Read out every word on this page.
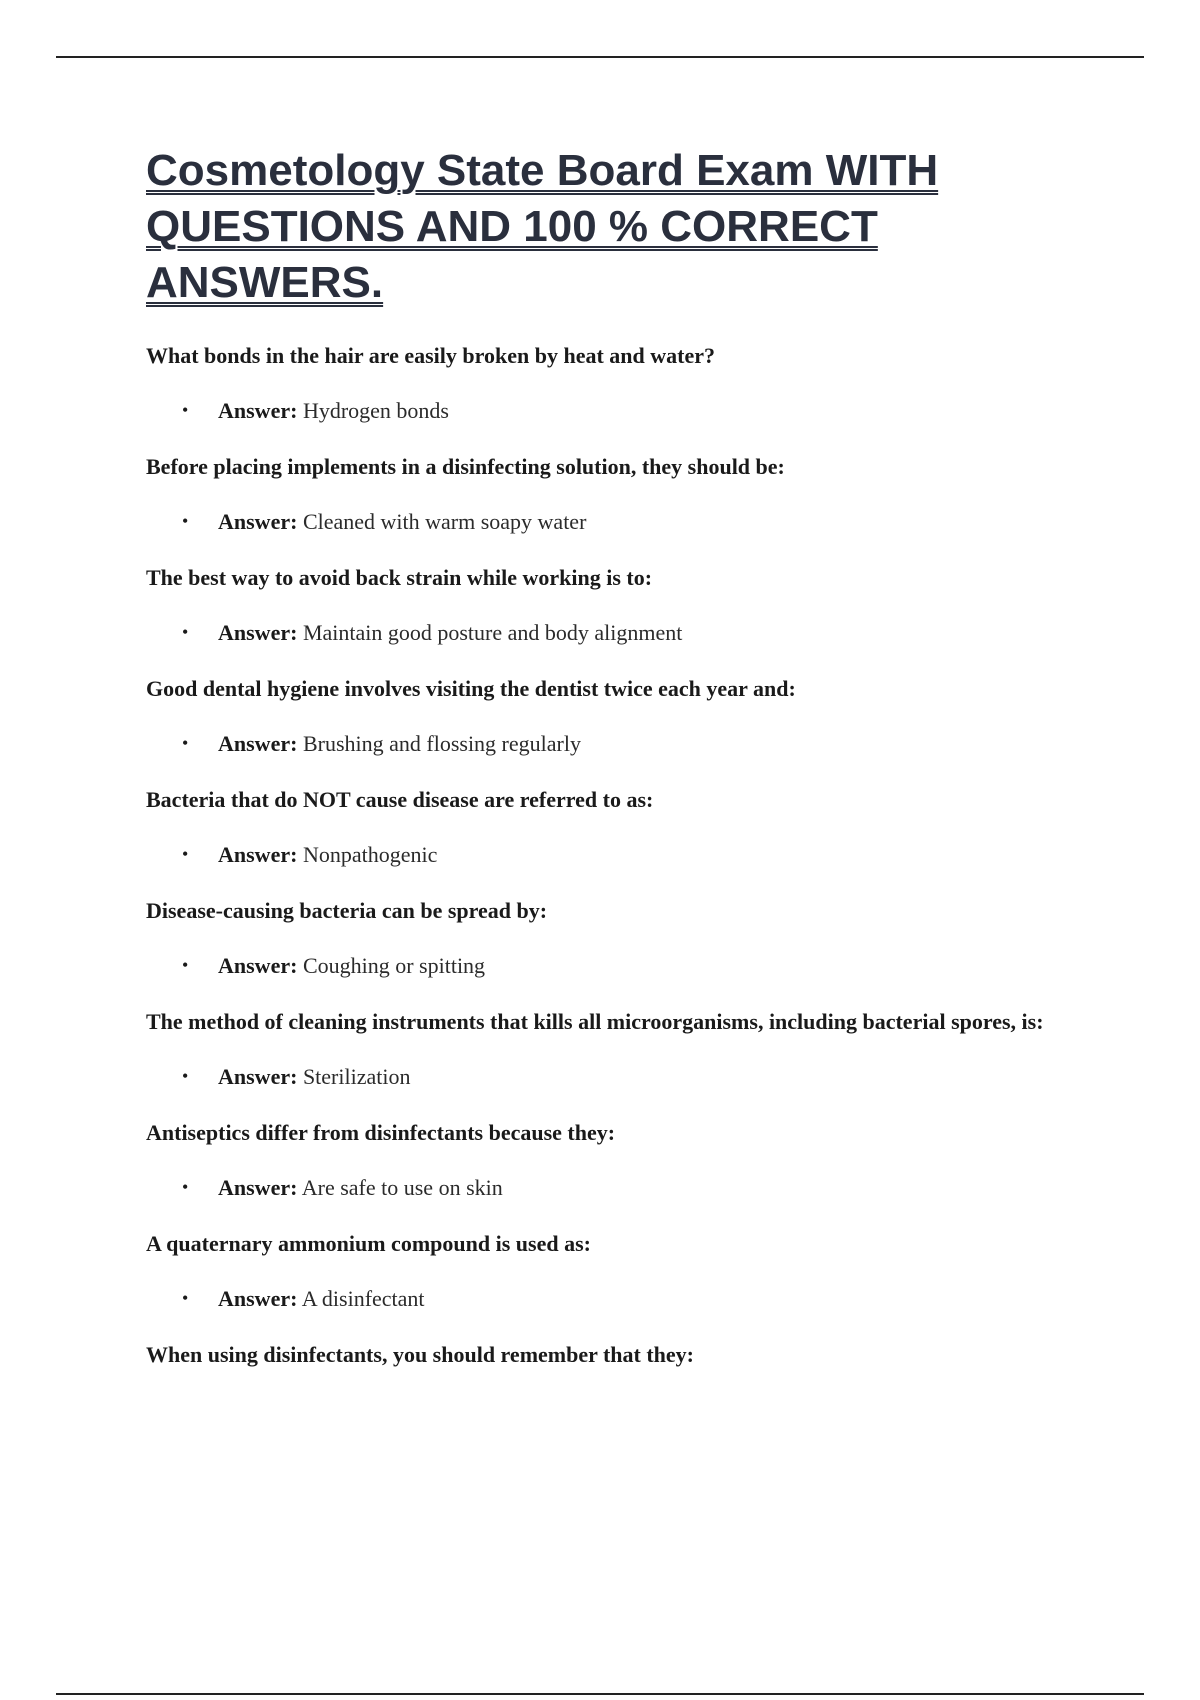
Cosmetology State Board Exam WITH QUESTIONS AND 100 % CORRECT ANSWERS.

What bonds in the hair are easily broken by heat and water?

• Answer: Hydrogen bonds

Before placing implements in a disinfecting solution, they should be:

• Answer: Cleaned with warm soapy water

The best way to avoid back strain while working is to:

• Answer: Maintain good posture and body alignment

Good dental hygiene involves visiting the dentist twice each year and:

• Answer: Brushing and flossing regularly

Bacteria that do NOT cause disease are referred to as:

• Answer: Nonpathogenic

Disease-causing bacteria can be spread by:

• Answer: Coughing or spitting

The method of cleaning instruments that kills all microorganisms, including bacterial spores, is:

• Answer: Sterilization

Antiseptics differ from disinfectants because they:

• Answer: Are safe to use on skin

A quaternary ammonium compound is used as:

• Answer: A disinfectant

When using disinfectants, you should remember that they:
